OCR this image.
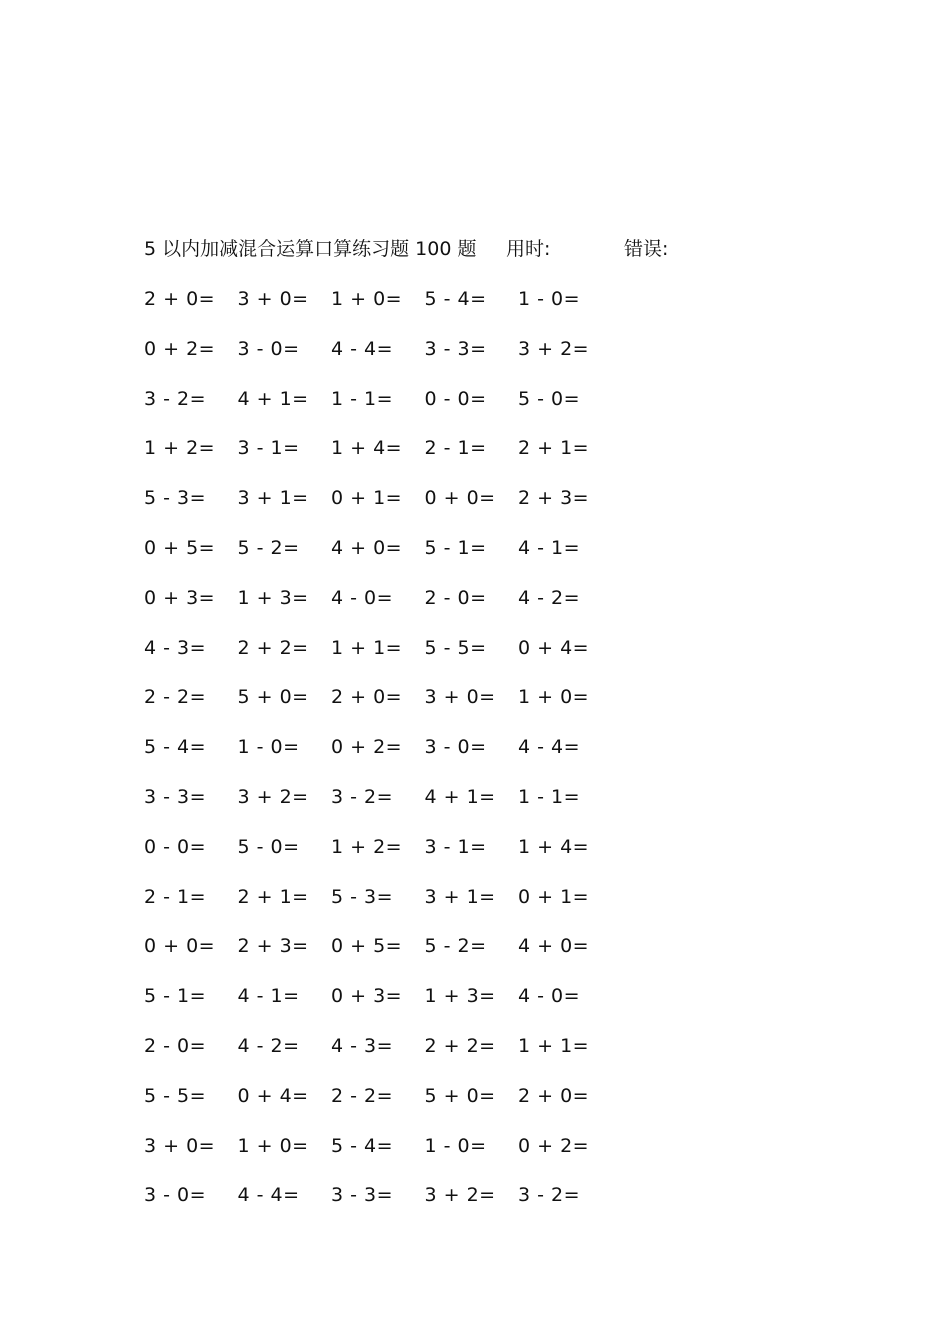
5 以内加减混合运算口算练习题 100 题 用时:	错误:
2 + 0= 3 + 0= 1 + 0= 5 - 4= 1 - 0=
0 + 2= 3 - 0= 4 - 4= 3 - 3= 3 + 2=
3 - 2= 4 + 1= 1 - 1= 0 - 0= 5 - 0=
1 + 2= 3 - 1= 1 + 4= 2 - 1= 2 + 1=
5 - 3= 3 + 1= 0 + 1= 0 + 0= 2 + 3=
0 + 5= 5 - 2= 4 + 0= 5 - 1= 4 - 1=
0 + 3= 1 + 3= 4 - 0= 2 - 0= 4 - 2=
4 - 3= 2 + 2= 1 + 1= 5 - 5= 0 + 4=
2 - 2= 5 + 0= 2 + 0= 3 + 0= 1 + 0=
5 - 4= 1 - 0= 0 + 2= 3 - 0= 4 - 4=
3 - 3= 3 + 2= 3 - 2= 4 + 1= 1 - 1=
0 - 0= 5 - 0= 1 + 2= 3 - 1= 1 + 4=
2 - 1= 2 + 1= 5 - 3= 3 + 1= 0 + 1=
0 + 0= 2 + 3= 0 + 5= 5 - 2= 4 + 0=
5 - 1= 4 - 1= 0 + 3= 1 + 3= 4 - 0=
2 - 0= 4 - 2= 4 - 3= 2 + 2= 1 + 1=
5 - 5= 0 + 4= 2 - 2= 5 + 0= 2 + 0=
3 + 0= 1 + 0= 5 - 4= 1 - 0= 0 + 2=
3 - 0= 4 - 4= 3 - 3= 3 + 2= 3 - 2=
